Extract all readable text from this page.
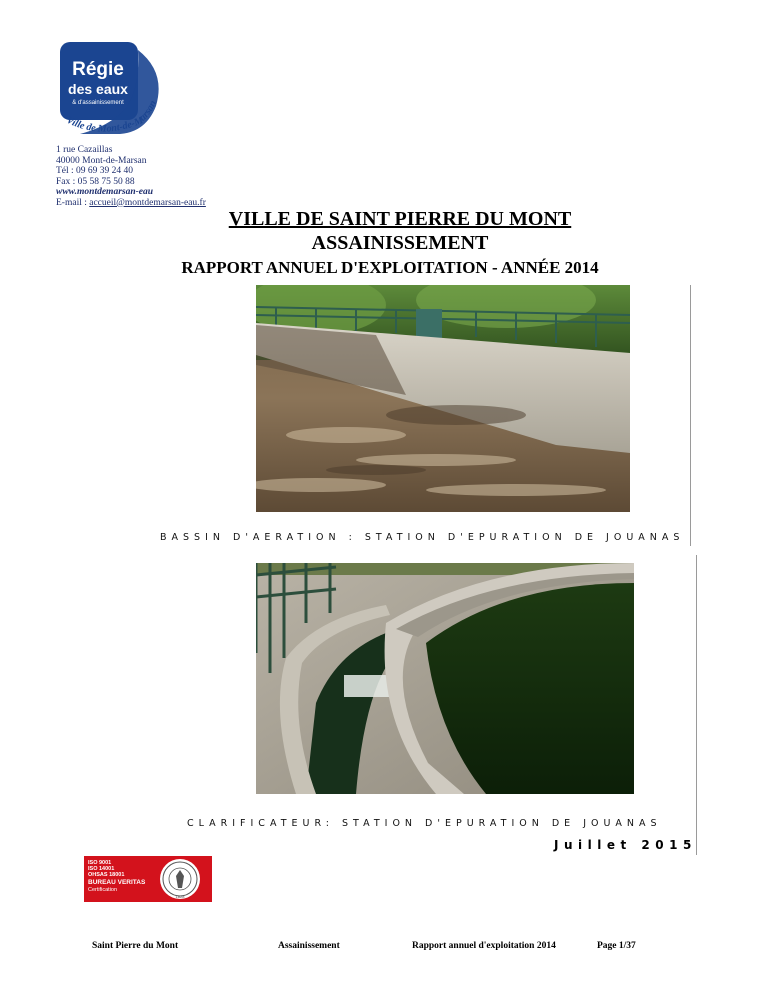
Régie
des eaux
& d'assainissement
Ville de Mont-de-Marsan
1 rue Cazaillas
40000 Mont-de-Marsan
Tél : 09 69 39 24 40
Fax : 05 58 75 50 88
www.montdemarsan-eau
E-mail : accueil@montdemarsan-eau.fr
VILLE DE SAINT PIERRE DU MONT
ASSAINISSEMENT
RAPPORT ANNUEL D'EXPLOITATION - ANNÉE 2014
BASSIN D'AERATION : STATION D'EPURATION DE JOUANAS
CLARIFICATEUR: STATION D'EPURATION DE JOUANAS
Juillet 2015
ISO 9001
ISO 14001
OHSAS 18001
BUREAU VERITAS
Certification
1828
Saint Pierre du Mont	Assainissement	Rapport annuel d'exploitation 2014	Page 1/37
